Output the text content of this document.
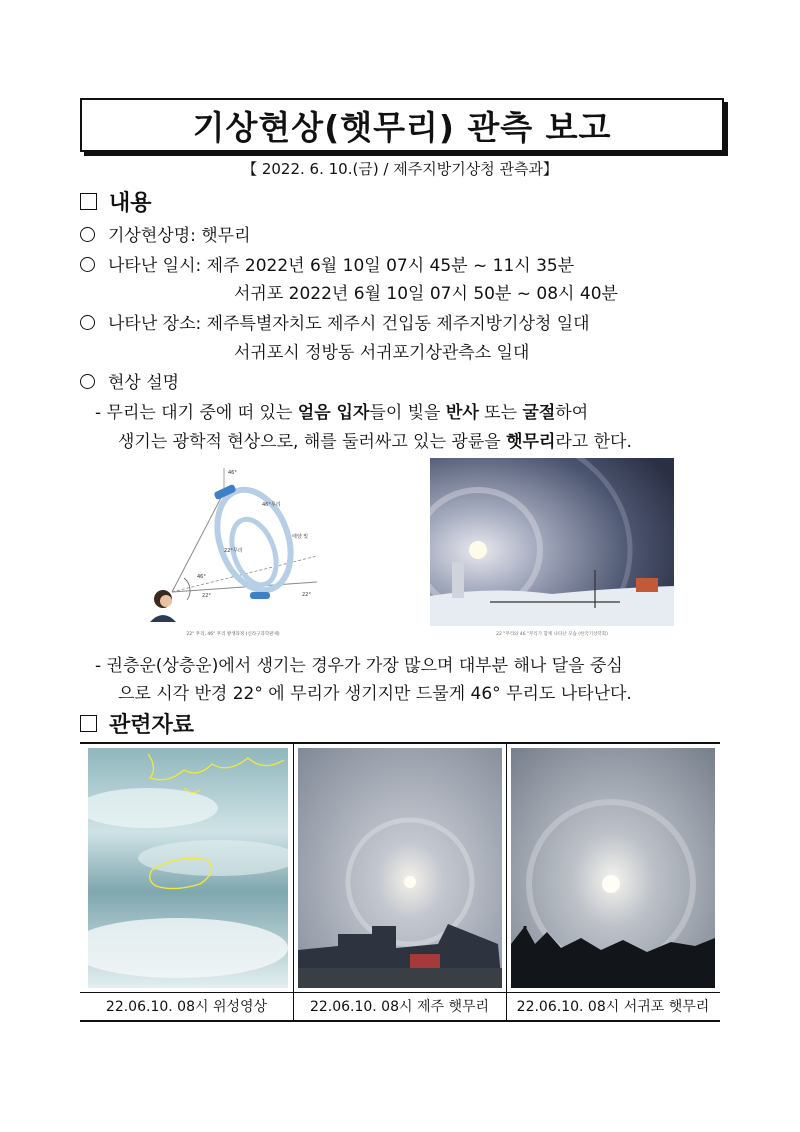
기상현상(햇무리) 관측 보고
【 2022. 6. 10.(금) / 제주지방기상청 관측과】
내용
기상현상명: 햇무리
나타난 일시: 제주 2022년 6월 10일 07시 45분 ~ 11시 35분
서귀포 2022년 6월 10일 07시 50분 ~ 08시 40분
나타난 장소: 제주특별자치도 제주시 건입동 제주지방기상청 일대
서귀포시 정방동 서귀포기상관측소 일대
현상 설명
- 무리는 대기 중에 떠 있는 얼음 입자들이 빛을 반사 또는 굴절하여
생기는 광학적 현상으로, 해를 둘러싸고 있는 광륜을 햇무리라고 한다.
46°
46°무리
22°무리
태양 빛
46°
22°	22°
22° 무리, 46° 무리 발생과정 (신라구과학관제)	22 "무리와 46 "무리가 함께 나타난 모습 (한국기상학회)
- 권층운(상층운)에서 생기는 경우가 가장 많으며 대부분 해나 달을 중심
으로 시각 반경 22° 에 무리가 생기지만 드물게 46° 무리도 나타난다.
관련자료
22.06.10. 08시 위성영상	22.06.10. 08시 제주 햇무리	22.06.10. 08시 서귀포 햇무리
